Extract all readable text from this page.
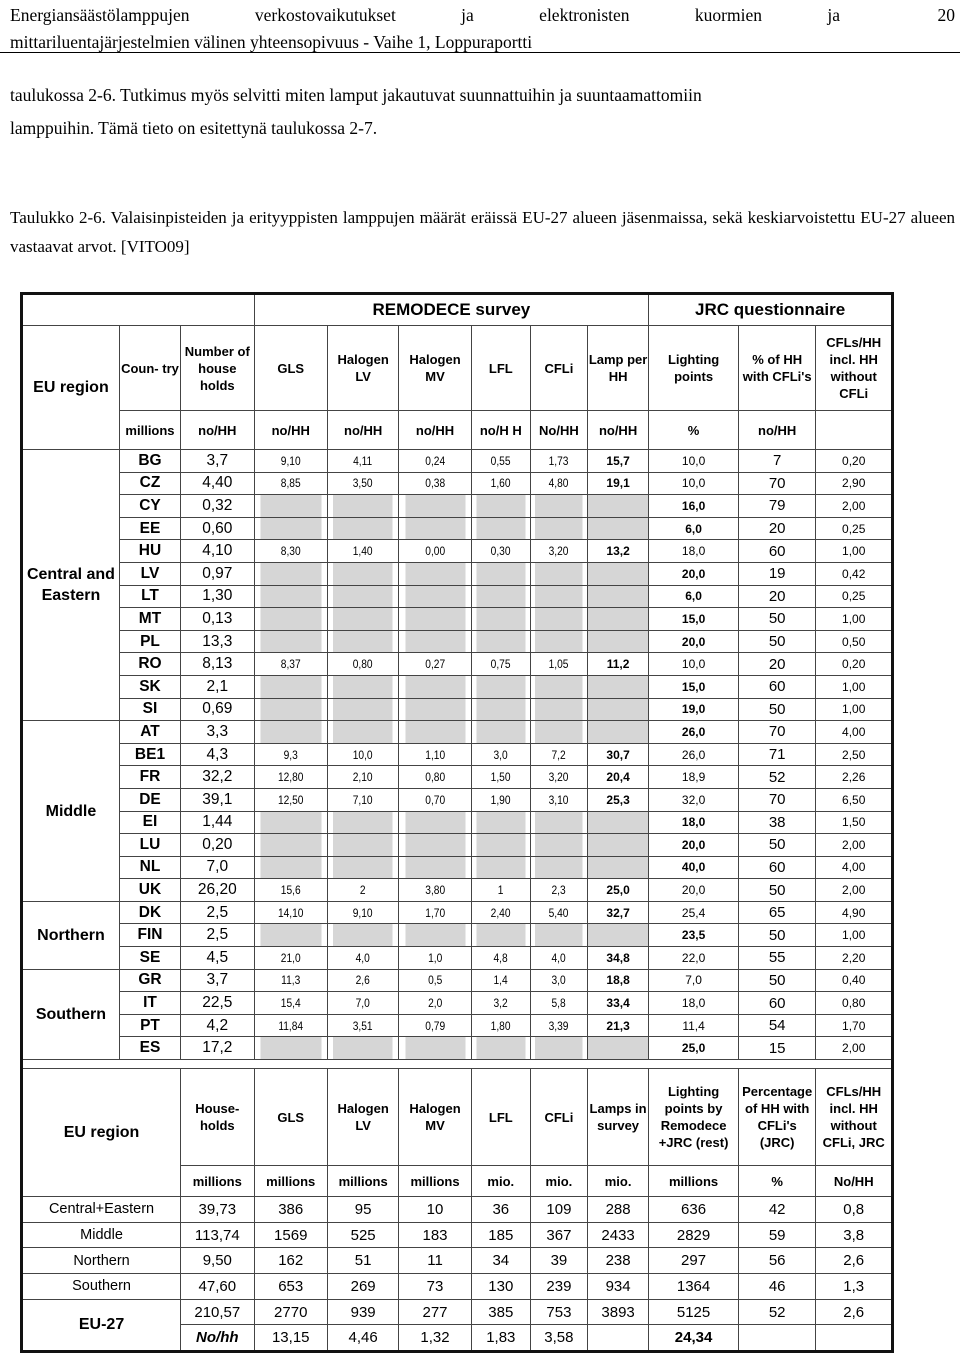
Energiansäästölamppujen	verkostovaikutukset	ja	elektronisten	kuormien	ja	20
mittariluentajärjestelmien välinen yhteensopivuus - Vaihe 1, Loppuraportti
taulukossa 2-6. Tutkimus myös selvitti miten lamput jakautuvat suunnattuihin ja suuntaamattomiin
lamppuihin. Tämä tieto on esitettynä taulukossa 2-7.
Taulukko 2-6. Valaisinpisteiden ja erityyppisten lamppujen määrät eräissä EU-27 alueen jäsenmaissa, sekä keskiarvoistettu EU-27 alueen vastaavat arvot. [VITO09]
			REMODECE survey						JRC questionnaire		
EU region	Coun- try	Number of house holds	GLS	Halogen LV	Halogen MV	LFL	CFLi	Lamp per HH	Lighting points	% of HH with CFLi's	CFLs/HH incl. HH without CFLi
	millions	no/HH	no/HH	no/HH	no/HH	no/H H	No/HH	no/HH	%	no/HH	
Central and Eastern	BG	3,7	9,10	4,11	0,24	0,55	1,73	15,7	10,0	7	0,20
	CZ	4,40	8,85	3,50	0,38	1,60	4,80	19,1	10,0	70	2,90
	CY	0,32							16,0	79	2,00
	EE	0,60							6,0	20	0,25
	HU	4,10	8,30	1,40	0,00	0,30	3,20	13,2	18,0	60	1,00
	LV	0,97							20,0	19	0,42
	LT	1,30							6,0	20	0,25
	MT	0,13							15,0	50	1,00
	PL	13,3							20,0	50	0,50
	RO	8,13	8,37	0,80	0,27	0,75	1,05	11,2	10,0	20	0,20
	SK	2,1							15,0	60	1,00
	SI	0,69							19,0	50	1,00
Middle	AT	3,3							26,0	70	4,00
	BE1	4,3	9,3	10,0	1,10	3,0	7,2	30,7	26,0	71	2,50
	FR	32,2	12,80	2,10	0,80	1,50	3,20	20,4	18,9	52	2,26
	DE	39,1	12,50	7,10	0,70	1,90	3,10	25,3	32,0	70	6,50
	EI	1,44							18,0	38	1,50
	LU	0,20							20,0	50	2,00
	NL	7,0							40,0	60	4,00
	UK	26,20	15,6	2	3,80	1	2,3	25,0	20,0	50	2,00
Northern	DK	2,5	14,10	9,10	1,70	2,40	5,40	32,7	25,4	65	4,90
	FIN	2,5							23,5	50	1,00
	SE	4,5	21,0	4,0	1,0	4,8	4,0	34,8	22,0	55	2,20
Southern	GR	3,7	11,3	2,6	0,5	1,4	3,0	18,8	7,0	50	0,40
	IT	22,5	15,4	7,0	2,0	3,2	5,8	33,4	18,0	60	0,80
	PT	4,2	11,84	3,51	0,79	1,80	3,39	21,3	11,4	54	1,70
	ES	17,2							25,0	15	2,00

EU region		House- holds	GLS	Halogen LV	Halogen MV	LFL	CFLi	Lamps in survey	Lighting points by Remodece +JRC (rest)	Percentage of HH with CFLi's (JRC)	CFLs/HH incl. HH without CFLi, JRC
		millions	millions	millions	millions	mio.	mio.	mio.	millions	%	No/HH
Central+Eastern		39,73	386	95	10	36	109	288	636	42	0,8
Middle		113,74	1569	525	183	185	367	2433	2829	59	3,8
Northern		9,50	162	51	11	34	39	238	297	56	2,6
Southern		47,60	653	269	73	130	239	934	1364	46	1,3
EU-27		210,57	2770	939	277	385	753	3893	5125	52	2,6
		No/hh	13,15	4,46	1,32	1,83	3,58		24,34		
